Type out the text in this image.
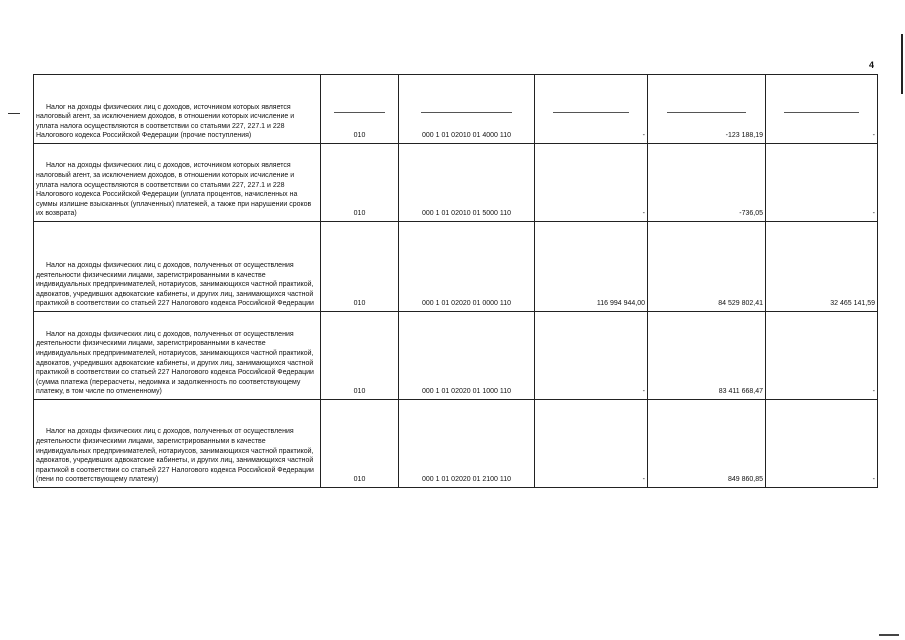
4
Налог на доходы физических лиц с доходов, источником которых является налоговый агент, за исключением доходов, в отношении которых исчисление и уплата налога осуществляются в соответствии со статьями 227, 227.1 и 228 Налогового кодекса Российской Федерации (прочие поступления)	010	000 1 01 02010 01 4000 110	-	-123 188,19	-

Налог на доходы физических лиц с доходов, источником которых является налоговый агент, за исключением доходов, в отношении которых исчисление и уплата налога осуществляются в соответствии со статьями 227, 227.1 и 228 Налогового кодекса Российской Федерации (уплата процентов, начисленных на суммы излишне взысканных (уплаченных) платежей, а также при нарушении сроков их возврата)	010	000 1 01 02010 01 5000 110	-	-736,05	-

Налог на доходы физических лиц с доходов, полученных от осуществления деятельности физическими лицами, зарегистрированными в качестве индивидуальных предпринимателей, нотариусов, занимающихся частной практикой, адвокатов, учредивших адвокатские кабинеты, и других лиц, занимающихся частной практикой в соответствии со статьей 227 Налогового кодекса Российской Федерации	010	000 1 01 02020 01 0000 110	116 994 944,00	84 529 802,41	32 465 141,59

Налог на доходы физических лиц с доходов, полученных от осуществления деятельности физическими лицами, зарегистрированными в качестве индивидуальных предпринимателей, нотариусов, занимающихся частной практикой, адвокатов, учредивших адвокатские кабинеты, и других лиц, занимающихся частной практикой в соответствии со статьей 227 Налогового кодекса Российской Федерации (сумма платежа (перерасчеты, недоимка и задолженность по соответствующему платежу, в том числе по отмененному)	010	000 1 01 02020 01 1000 110	-	83 411 668,47	-

Налог на доходы физических лиц с доходов, полученных от осуществления деятельности физическими лицами, зарегистрированными в качестве индивидуальных предпринимателей, нотариусов, занимающихся частной практикой, адвокатов, учредивших адвокатские кабинеты, и других лиц, занимающихся частной практикой в соответствии со статьей 227 Налогового кодекса Российской Федерации (пени по соответствующему платежу)	010	000 1 01 02020 01 2100 110	-	849 860,85	-
